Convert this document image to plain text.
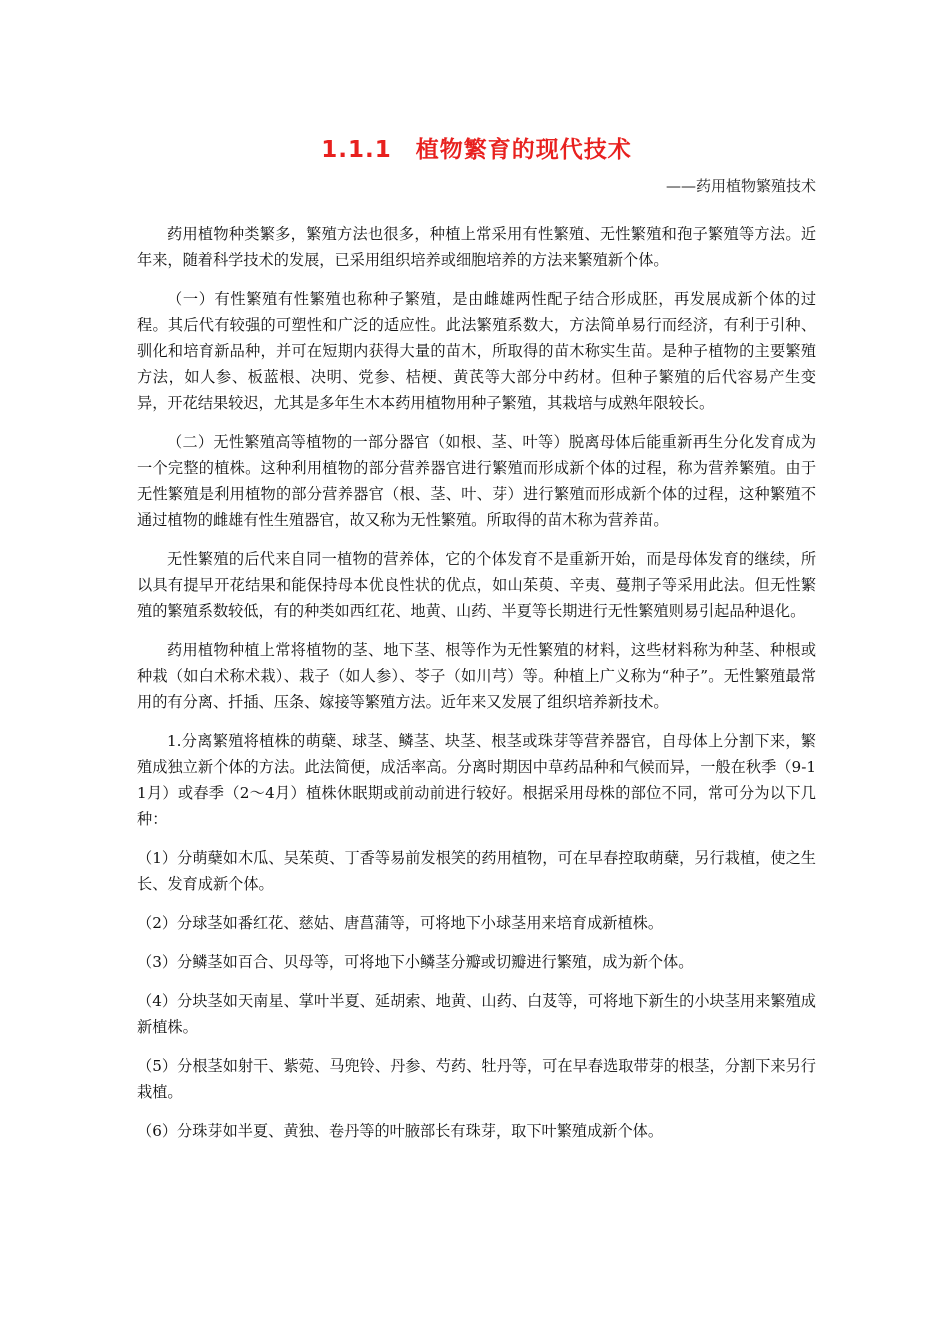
1.1.1　植物繁育的现代技术
——药用植物繁殖技术

药用植物种类繁多，繁殖方法也很多，种植上常采用有性繁殖、无性繁殖和孢子繁殖等方法。近年来，随着科学技术的发展，已采用组织培养或细胞培养的方法来繁殖新个体。

（一）有性繁殖有性繁殖也称种子繁殖，是由雌雄两性配子结合形成胚，再发展成新个体的过程。其后代有较强的可塑性和广泛的适应性。此法繁殖系数大，方法简单易行而经济，有利于引种、驯化和培育新品种，并可在短期内获得大量的苗木，所取得的苗木称实生苗。是种子植物的主要繁殖方法，如人参、板蓝根、决明、党参、桔梗、黄芪等大部分中药材。但种子繁殖的后代容易产生变异，开花结果较迟，尤其是多年生木本药用植物用种子繁殖，其栽培与成熟年限较长。

（二）无性繁殖高等植物的一部分器官（如根、茎、叶等）脱离母体后能重新再生分化发育成为一个完整的植株。这种利用植物的部分营养器官进行繁殖而形成新个体的过程，称为营养繁殖。由于无性繁殖是利用植物的部分营养器官（根、茎、叶、芽）进行繁殖而形成新个体的过程，这种繁殖不通过植物的雌雄有性生殖器官，故又称为无性繁殖。所取得的苗木称为营养苗。

无性繁殖的后代来自同一植物的营养体，它的个体发育不是重新开始，而是母体发育的继续，所以具有提早开花结果和能保持母本优良性状的优点，如山茱萸、辛夷、蔓荆子等采用此法。但无性繁殖的繁殖系数较低，有的种类如西红花、地黄、山药、半夏等长期进行无性繁殖则易引起品种退化。

药用植物种植上常将植物的茎、地下茎、根等作为无性繁殖的材料，这些材料称为种茎、种根或种栽（如白术称术栽）、栽子（如人参）、苓子（如川芎）等。种植上广义称为“种子”。无性繁殖最常用的有分离、扦插、压条、嫁接等繁殖方法。近年来又发展了组织培养新技术。

1.分离繁殖将植株的萌蘖、球茎、鳞茎、块茎、根茎或珠芽等营养器官，自母体上分割下来，繁殖成独立新个体的方法。此法简便，成活率高。分离时期因中草药品种和气候而异，一般在秋季（9-11月）或春季（2～4月）植株休眠期或前动前进行较好。根据采用母株的部位不同，常可分为以下几种：

（1）分萌蘖如木瓜、吴茱萸、丁香等易前发根笑的药用植物，可在早春控取萌蘖，另行栽植，使之生长、发育成新个体。

（2）分球茎如番红花、慈姑、唐菖蒲等，可将地下小球茎用来培育成新植株。

（3）分鳞茎如百合、贝母等，可将地下小鳞茎分瓣或切瓣进行繁殖，成为新个体。

（4）分块茎如天南星、掌叶半夏、延胡索、地黄、山药、白芨等，可将地下新生的小块茎用来繁殖成新植株。

（5）分根茎如射干、紫菀、马兜铃、丹参、芍药、牡丹等，可在早春选取带芽的根茎，分割下来另行栽植。

（6）分珠芽如半夏、黄独、卷丹等的叶腋部长有珠芽，取下叶繁殖成新个体。
